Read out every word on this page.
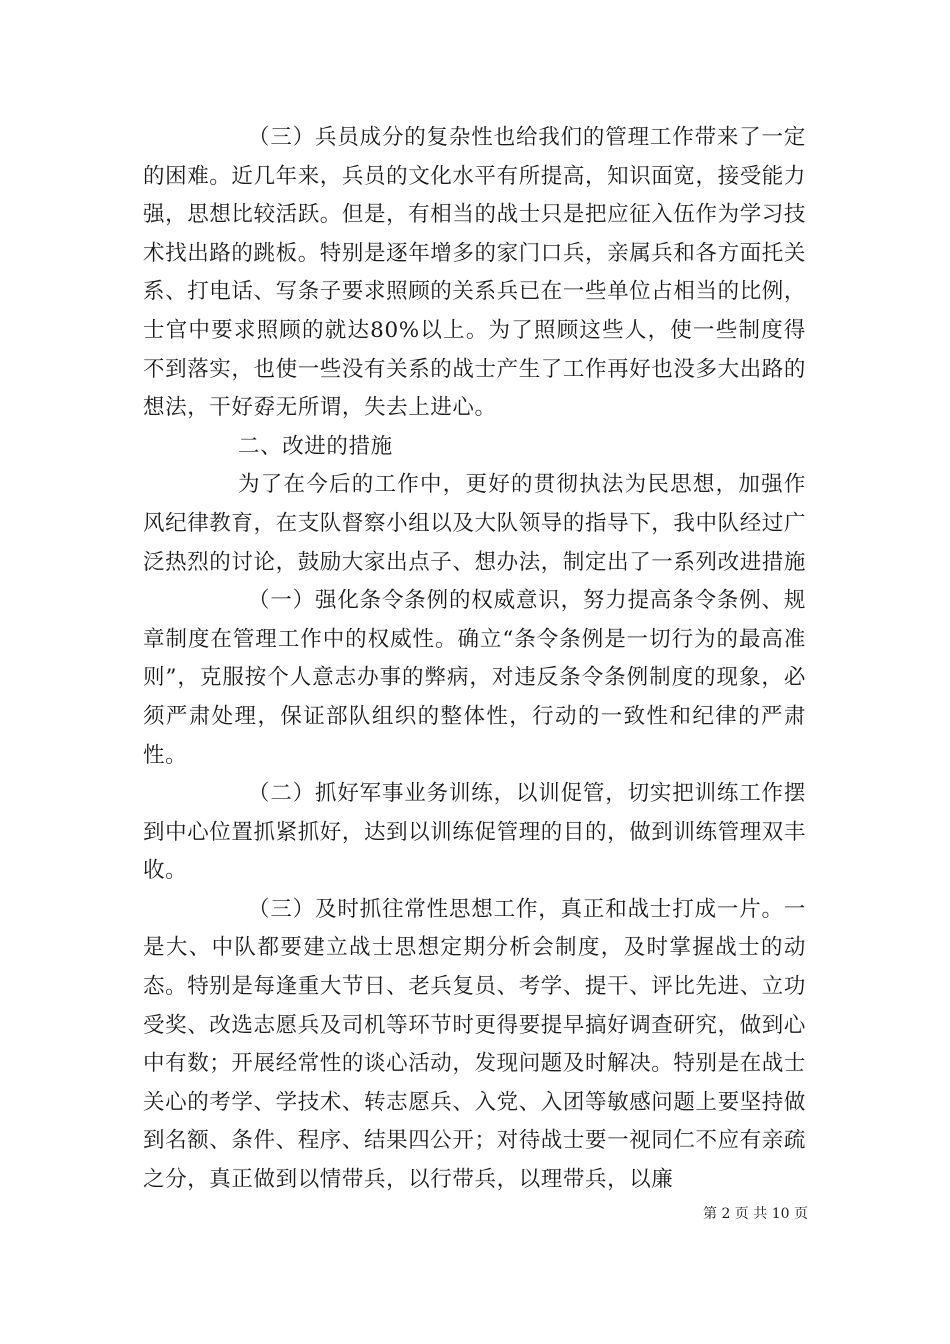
（三）兵员成分的复杂性也给我们的管理工作带来了一定的困难。近几年来，兵员的文化水平有所提高，知识面宽，接受能力强，思想比较活跃。但是，有相当的战士只是把应征入伍作为学习技术找出路的跳板。特别是逐年增多的家门口兵，亲属兵和各方面托关系、打电话、写条子要求照顾的关系兵已在一些单位占相当的比例，士官中要求照顾的就达80%以上。为了照顾这些人，使一些制度得不到落实，也使一些没有关系的战士产生了工作再好也没多大出路的想法，干好孬无所谓，失去上进心。

二、改进的措施

为了在今后的工作中，更好的贯彻执法为民思想，加强作风纪律教育，在支队督察小组以及大队领导的指导下，我中队经过广泛热烈的讨论，鼓励大家出点子、想办法，制定出了一系列改进措施

（一）强化条令条例的权威意识，努力提高条令条例、规章制度在管理工作中的权威性。确立“条令条例是一切行为的最高准则”，克服按个人意志办事的弊病，对违反条令条例制度的现象，必须严肃处理，保证部队组织的整体性，行动的一致性和纪律的严肃性。

（二）抓好军事业务训练，以训促管，切实把训练工作摆到中心位置抓紧抓好，达到以训练促管理的目的，做到训练管理双丰收。

（三）及时抓往常性思想工作，真正和战士打成一片。一是大、中队都要建立战士思想定期分析会制度，及时掌握战士的动态。特别是每逢重大节日、老兵复员、考学、提干、评比先进、立功受奖、改选志愿兵及司机等环节时更得要提早搞好调查研究，做到心中有数；开展经常性的谈心活动，发现问题及时解决。特别是在战士关心的考学、学技术、转志愿兵、入党、入团等敏感问题上要坚持做到名额、条件、程序、结果四公开；对待战士要一视同仁不应有亲疏之分，真正做到以情带兵，以行带兵，以理带兵，以廉

第 2 页 共 10 页
